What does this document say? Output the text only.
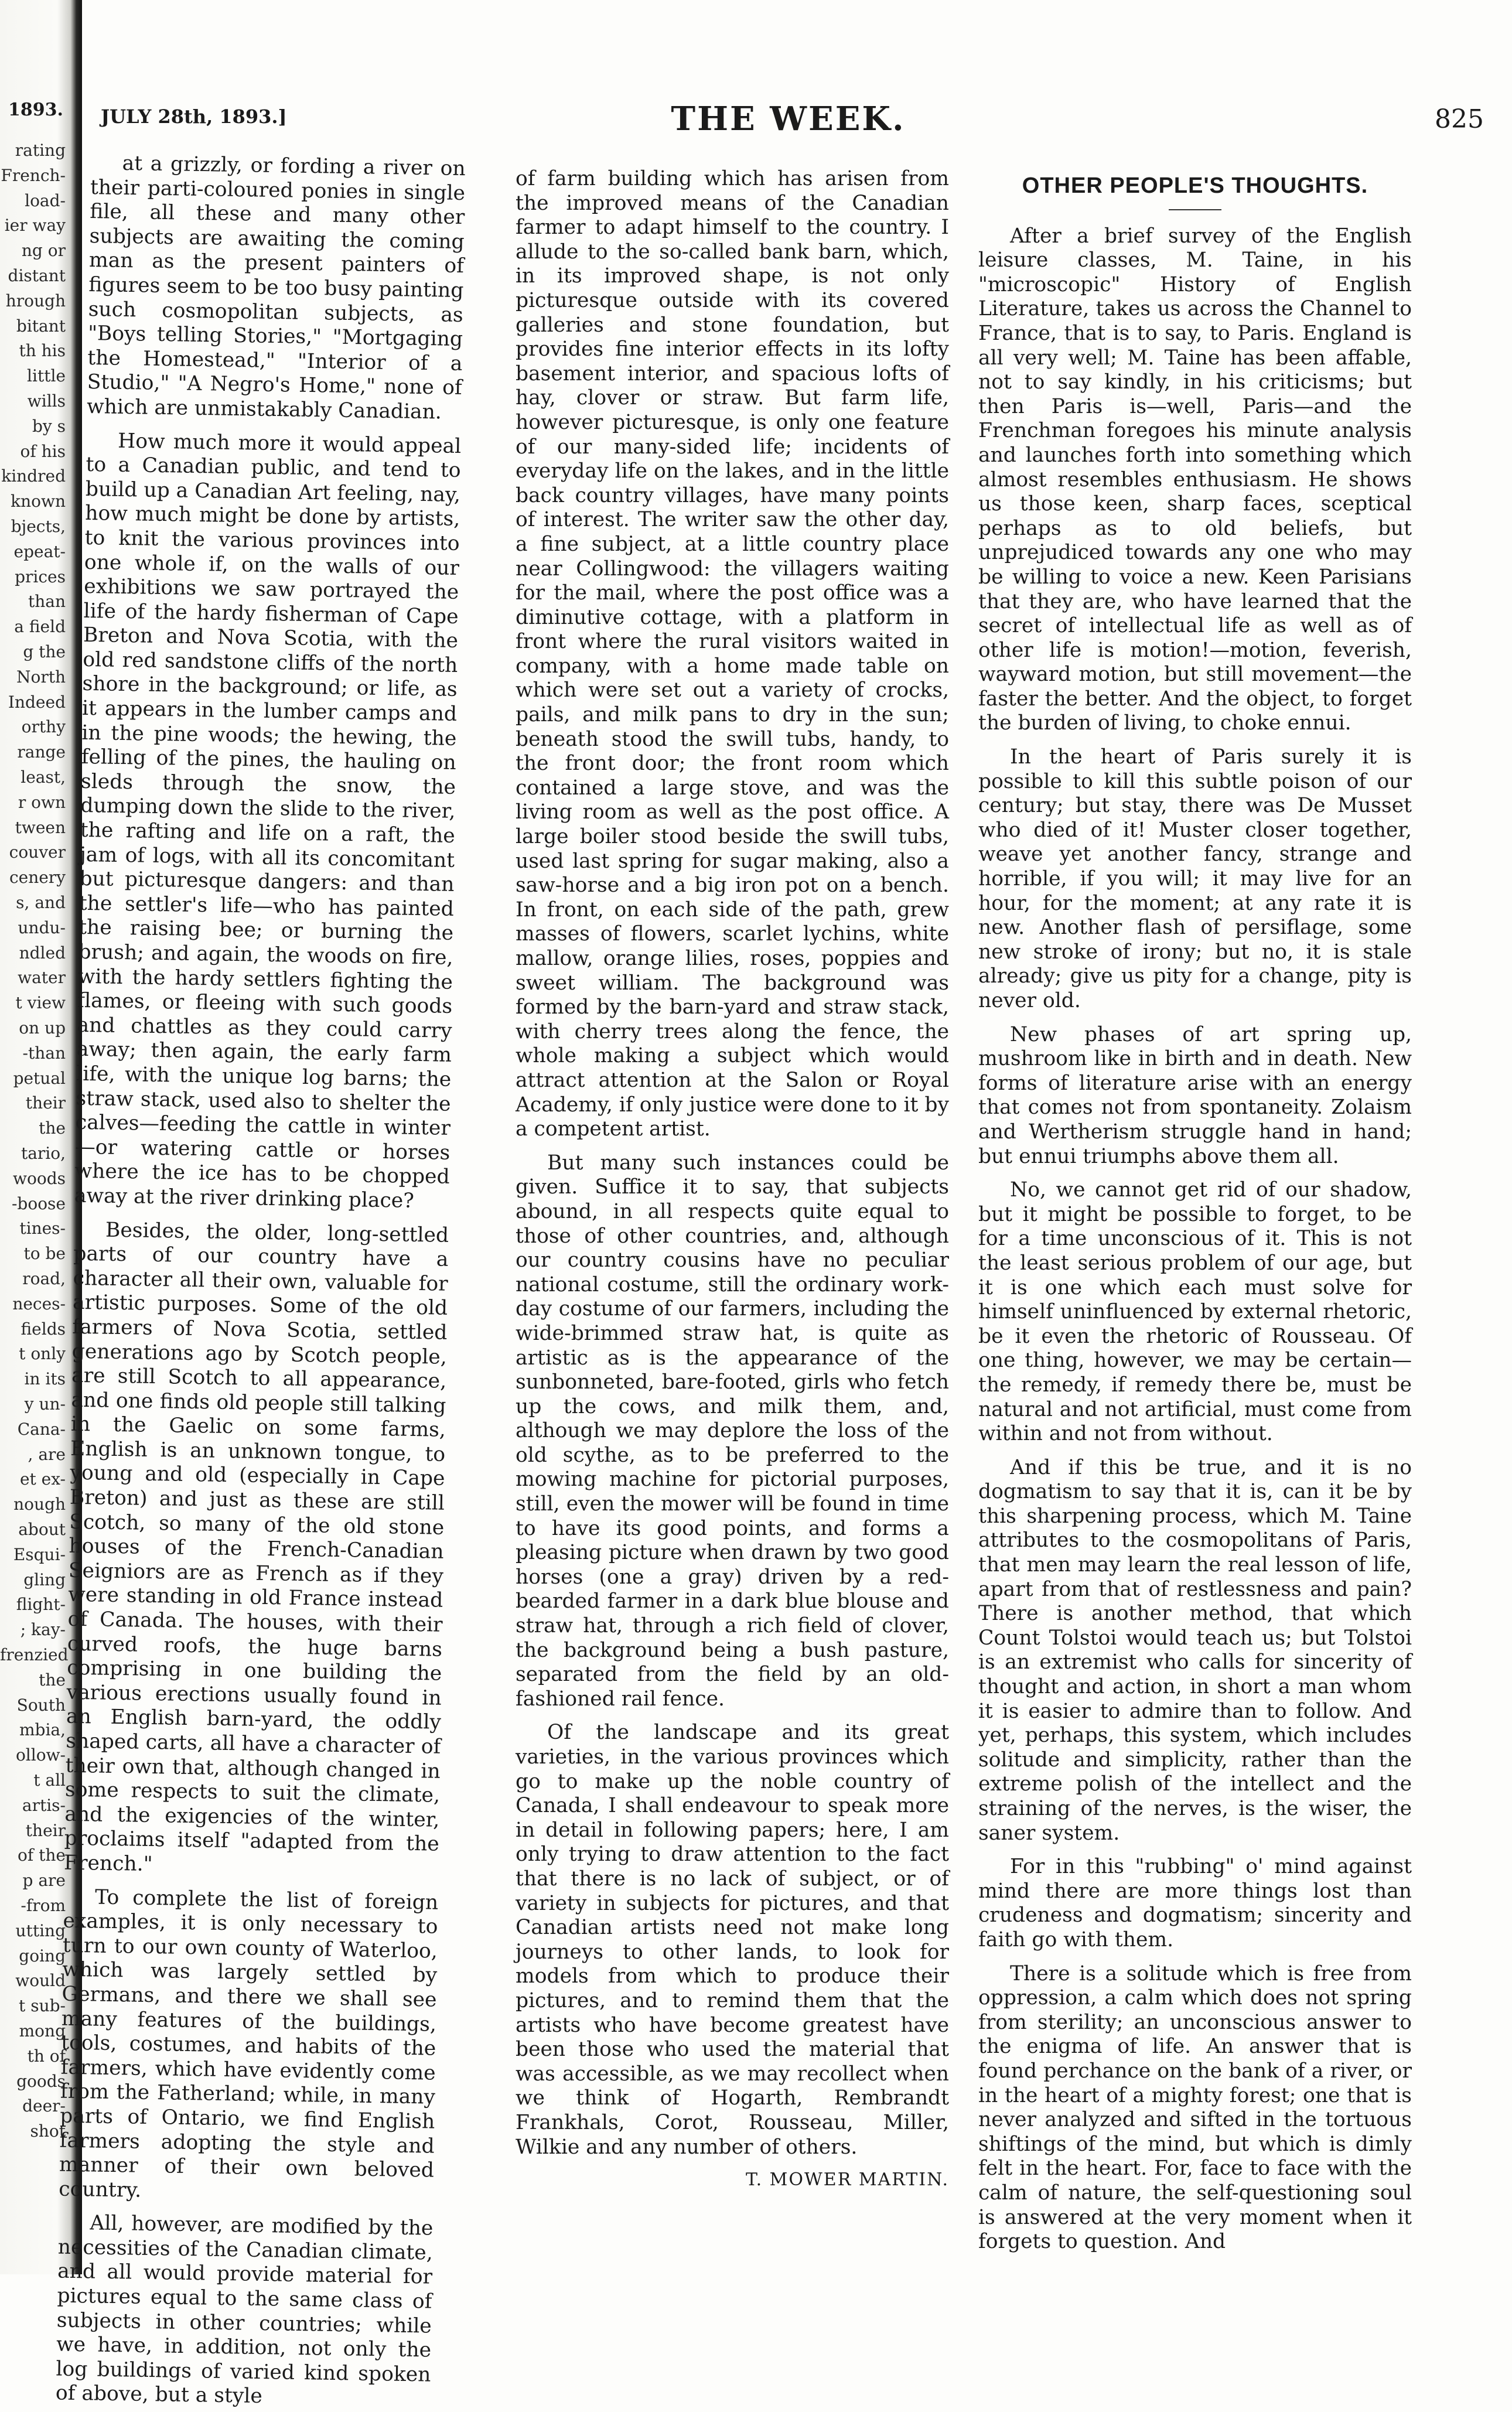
1893.
rating
French-
load-
ier way
ng or
distant
hrough
bitant
th his
little
wills
by s
of his
kindred
known
bjects,
epeat-
prices
than
a field
g the
North
Indeed
orthy
range
least,
r own
tween
couver
cenery
s, and
undu-
ndled
water
t view
on up
-than
petual
their
the
tario,
woods
-boose
tines-
to be
road,
neces-
fields
t only
in its
y un-
Cana-
, are
et ex-
nough
about
Esqui-
gling
flight-
; kay-
frenzied
the
South
mbia,
ollow-
t all
artis-
their
of the
p are
-from
utting
going
would
t sub-
mong
th of
goods
deer-
shot
JULY 28th, 1893.]	THE WEEK.	825

at a grizzly, or fording a river on their parti-coloured ponies in single file, all these and many other subjects are awaiting the coming man as the present painters of figures seem to be too busy painting such cosmopolitan subjects, as "Boys telling Stories," "Mortgaging the Homestead," "Interior of a Studio," "A Negro's Home," none of which are unmistakably Canadian.

How much more it would appeal to a Canadian public, and tend to build up a Canadian Art feeling, nay, how much might be done by artists, to knit the various provinces into one whole if, on the walls of our exhibitions we saw portrayed the life of the hardy fisherman of Cape Breton and Nova Scotia, with the old red sandstone cliffs of the north shore in the background; or life, as it appears in the lumber camps and in the pine woods; the hewing, the felling of the pines, the hauling on sleds through the snow, the dumping down the slide to the river, the rafting and life on a raft, the jam of logs, with all its concomitant but picturesque dangers: and than the settler's life—who has painted the raising bee; or burning the brush; and again, the woods on fire, with the hardy settlers fighting the flames, or fleeing with such goods and chattles as they could carry away; then again, the early farm life, with the unique log barns; the straw stack, used also to shelter the calves—feeding the cattle in winter—or watering cattle or horses where the ice has to be chopped away at the river drinking place?

Besides, the older, long-settled parts of our country have a character all their own, valuable for artistic purposes. Some of the old farmers of Nova Scotia, settled generations ago by Scotch people, are still Scotch to all appearance, and one finds old people still talking in the Gaelic on some farms, English is an unknown tongue, to young and old (especially in Cape Breton) and just as these are still Scotch, so many of the old stone houses of the French-Canadian Seigniors are as French as if they were standing in old France instead of Canada. The houses, with their curved roofs, the huge barns comprising in one building the various erections usually found in an English barn-yard, the oddly shaped carts, all have a character of their own that, although changed in some respects to suit the climate, and the exigencies of the winter, proclaims itself "adapted from the French."

To complete the list of foreign examples, it is only necessary to turn to our own county of Waterloo, which was largely settled by Germans, and there we shall see many features of the buildings, tools, costumes, and habits of the farmers, which have evidently come from the Fatherland; while, in many parts of Ontario, we find English farmers adopting the style and manner of their own beloved country.

All, however, are modified by the necessities of the Canadian climate, and all would provide material for pictures equal to the same class of subjects in other countries; while we have, in addition, not only the log buildings of varied kind spoken of above, but a style

of farm building which has arisen from the improved means of the Canadian farmer to adapt himself to the country. I allude to the so-called bank barn, which, in its improved shape, is not only picturesque outside with its covered galleries and stone foundation, but provides fine interior effects in its lofty basement interior, and spacious lofts of hay, clover or straw. But farm life, however picturesque, is only one feature of our many-sided life; incidents of everyday life on the lakes, and in the little back country villages, have many points of interest. The writer saw the other day, a fine subject, at a little country place near Collingwood: the villagers waiting for the mail, where the post office was a diminutive cottage, with a platform in front where the rural visitors waited in company, with a home made table on which were set out a variety of crocks, pails, and milk pans to dry in the sun; beneath stood the swill tubs, handy, to the front door; the front room which contained a large stove, and was the living room as well as the post office. A large boiler stood beside the swill tubs, used last spring for sugar making, also a saw-horse and a big iron pot on a bench. In front, on each side of the path, grew masses of flowers, scarlet lychins, white mallow, orange lilies, roses, poppies and sweet william. The background was formed by the barn-yard and straw stack, with cherry trees along the fence, the whole making a subject which would attract attention at the Salon or Royal Academy, if only justice were done to it by a competent artist.

But many such instances could be given. Suffice it to say, that subjects abound, in all respects quite equal to those of other countries, and, although our country cousins have no peculiar national costume, still the ordinary work-day costume of our farmers, including the wide-brimmed straw hat, is quite as artistic as is the appearance of the sunbonneted, bare-footed, girls who fetch up the cows, and milk them, and, although we may deplore the loss of the old scythe, as to be preferred to the mowing machine for pictorial purposes, still, even the mower will be found in time to have its good points, and forms a pleasing picture when drawn by two good horses (one a gray) driven by a red-bearded farmer in a dark blue blouse and straw hat, through a rich field of clover, the background being a bush pasture, separated from the field by an old-fashioned rail fence.

Of the landscape and its great varieties, in the various provinces which go to make up the noble country of Canada, I shall endeavour to speak more in detail in following papers; here, I am only trying to draw attention to the fact that there is no lack of subject, or of variety in subjects for pictures, and that Canadian artists need not make long journeys to other lands, to look for models from which to produce their pictures, and to remind them that the artists who have become greatest have been those who used the material that was accessible, as we may recollect when we think of Hogarth, Rembrandt Frankhals, Corot, Rousseau, Miller, Wilkie and any number of others.

T. MOWER MARTIN.
OTHER PEOPLE'S THOUGHTS.

After a brief survey of the English leisure classes, M. Taine, in his "microscopic" History of English Literature, takes us across the Channel to France, that is to say, to Paris. England is all very well; M. Taine has been affable, not to say kindly, in his criticisms; but then Paris is—well, Paris—and the Frenchman foregoes his minute analysis and launches forth into something which almost resembles enthusiasm. He shows us those keen, sharp faces, sceptical perhaps as to old beliefs, but unprejudiced towards any one who may be willing to voice a new. Keen Parisians that they are, who have learned that the secret of intellectual life as well as of other life is motion!—motion, feverish, wayward motion, but still movement—the faster the better. And the object, to forget the burden of living, to choke ennui.

In the heart of Paris surely it is possible to kill this subtle poison of our century; but stay, there was De Musset who died of it! Muster closer together, weave yet another fancy, strange and horrible, if you will; it may live for an hour, for the moment; at any rate it is new. Another flash of persiflage, some new stroke of irony; but no, it is stale already; give us pity for a change, pity is never old.

New phases of art spring up, mushroom like in birth and in death. New forms of literature arise with an energy that comes not from spontaneity. Zolaism and Wertherism struggle hand in hand; but ennui triumphs above them all.

No, we cannot get rid of our shadow, but it might be possible to forget, to be for a time unconscious of it. This is not the least serious problem of our age, but it is one which each must solve for himself uninfluenced by external rhetoric, be it even the rhetoric of Rousseau. Of one thing, however, we may be certain—the remedy, if remedy there be, must be natural and not artificial, must come from within and not from without.

And if this be true, and it is no dogmatism to say that it is, can it be by this sharpening process, which M. Taine attributes to the cosmopolitans of Paris, that men may learn the real lesson of life, apart from that of restlessness and pain? There is another method, that which Count Tolstoi would teach us; but Tolstoi is an extremist who calls for sincerity of thought and action, in short a man whom it is easier to admire than to follow. And yet, perhaps, this system, which includes solitude and simplicity, rather than the extreme polish of the intellect and the straining of the nerves, is the wiser, the saner system.

For in this "rubbing" o' mind against mind there are more things lost than crudeness and dogmatism; sincerity and faith go with them.

There is a solitude which is free from oppression, a calm which does not spring from sterility; an unconscious answer to the enigma of life. An answer that is found perchance on the bank of a river, or in the heart of a mighty forest; one that is never analyzed and sifted in the tortuous shiftings of the mind, but which is dimly felt in the heart. For, face to face with the calm of nature, the self-questioning soul is answered at the very moment when it forgets to question. And
